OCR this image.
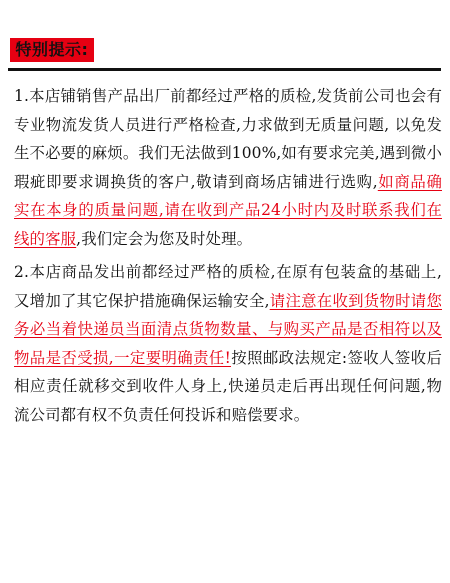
特别提示:

1.本店铺销售产品出厂前都经过严格的质检,发货前公司也会有专业物流发货人员进行严格检查,力求做到无质量问题, 以免发生不必要的麻烦。我们无法做到100%,如有要求完美,遇到微小瑕疵即要求调换货的客户,敬请到商场店铺进行选购,如商品确实在本身的质量问题,请在收到产品24小时内及时联系我们在线的客服,我们定会为您及时处理。

2.本店商品发出前都经过严格的质检,在原有包装盒的基础上,又增加了其它保护措施确保运输安全,请注意在收到货物时请您务必当着快递员当面清点货物数量、与购买产品是否相符以及物品是否受损,一定要明确责任!按照邮政法规定:签收人签收后相应责任就移交到收件人身上,快递员走后再出现任何问题,物流公司都有权不负责任何投诉和赔偿要求。
